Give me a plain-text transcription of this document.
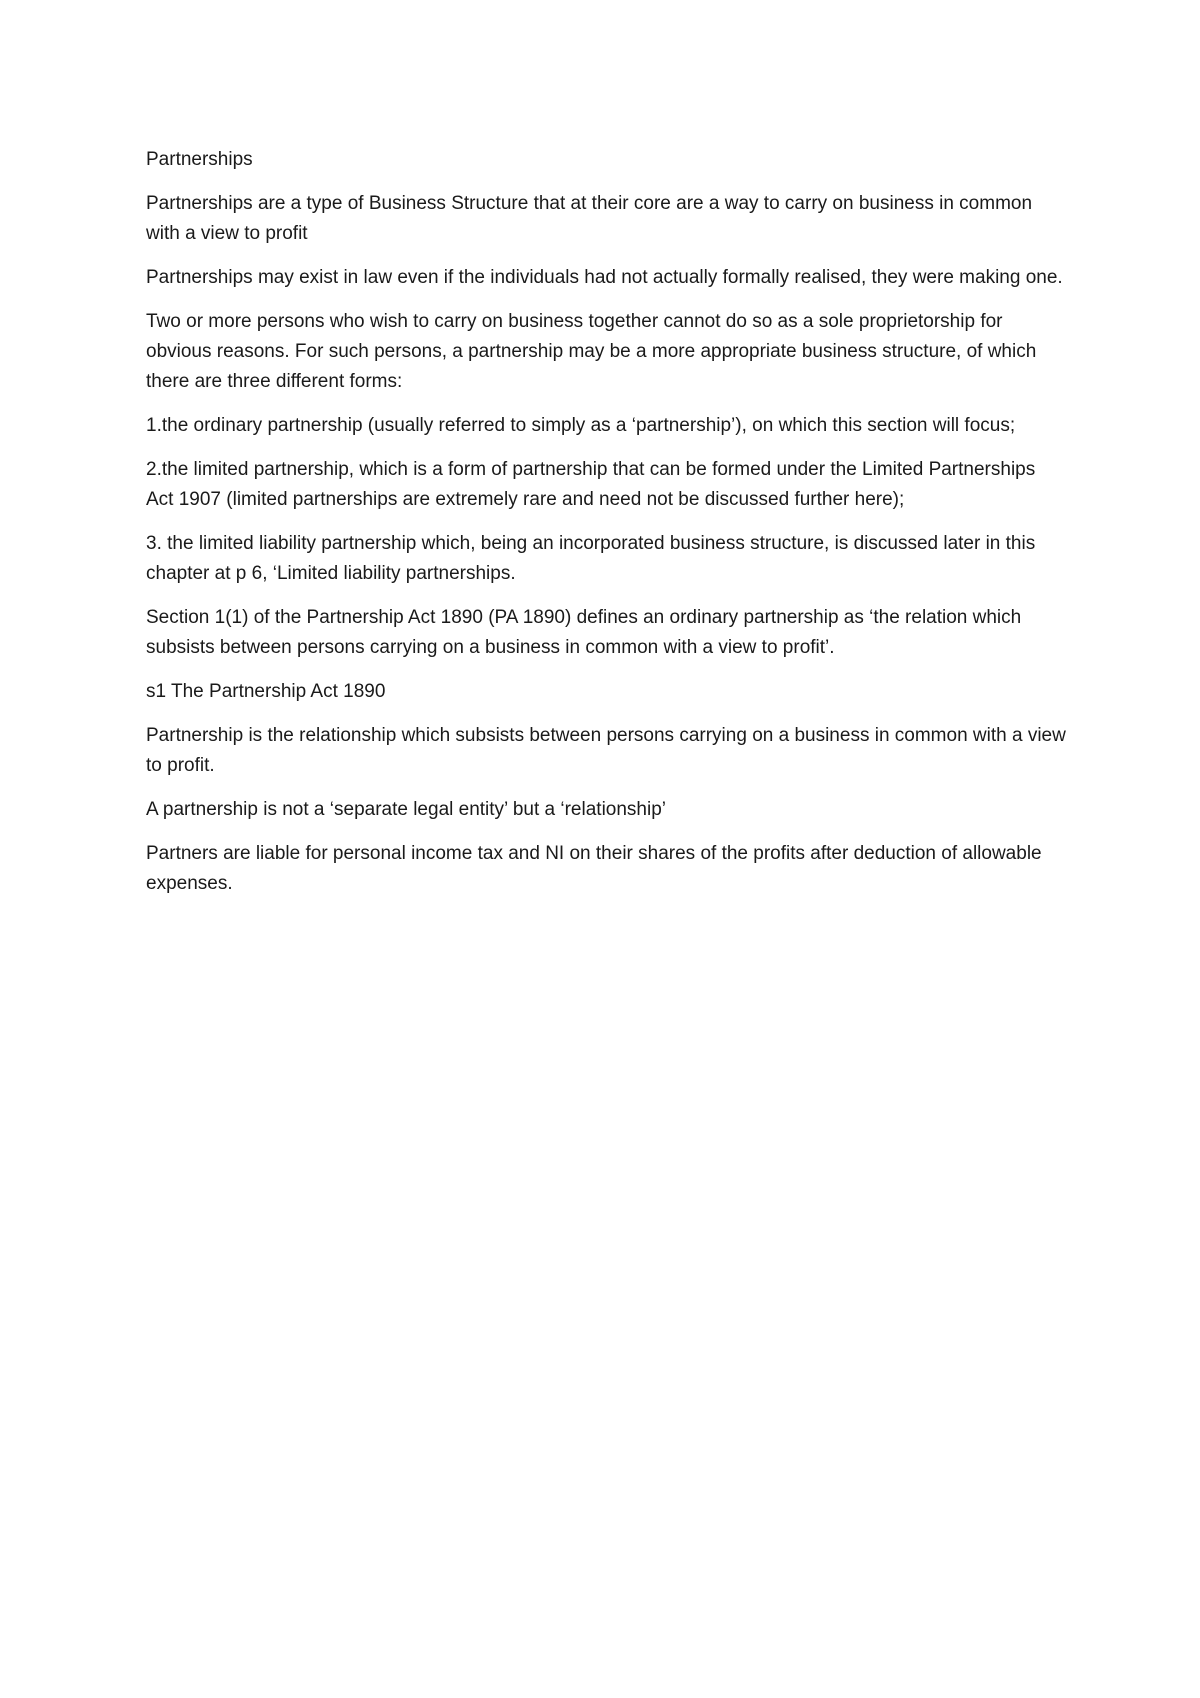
Partnerships

Partnerships are a type of Business Structure that at their core are a way to carry on business in common with a view to profit

Partnerships may exist in law even if the individuals had not actually formally realised, they were making one.

Two or more persons who wish to carry on business together cannot do so as a sole proprietorship for obvious reasons. For such persons, a partnership may be a more appropriate business structure, of which there are three different forms:

1.the ordinary partnership (usually referred to simply as a ‘partnership’), on which this section will focus;

2.the limited partnership, which is a form of partnership that can be formed under the Limited Partnerships Act 1907 (limited partnerships are extremely rare and need not be discussed further here);

3. the limited liability partnership which, being an incorporated business structure, is discussed later in this chapter at p 6, ‘Limited liability partnerships.

Section 1(1) of the Partnership Act 1890 (PA 1890) defines an ordinary partnership as ‘the relation which subsists between persons carrying on a business in common with a view to profit’.

s1 The Partnership Act 1890

Partnership is the relationship which subsists between persons carrying on a business in common with a view to profit.

A partnership is not a ‘separate legal entity’ but a ‘relationship’

Partners are liable for personal income tax and NI on their shares of the profits after deduction of allowable expenses.
